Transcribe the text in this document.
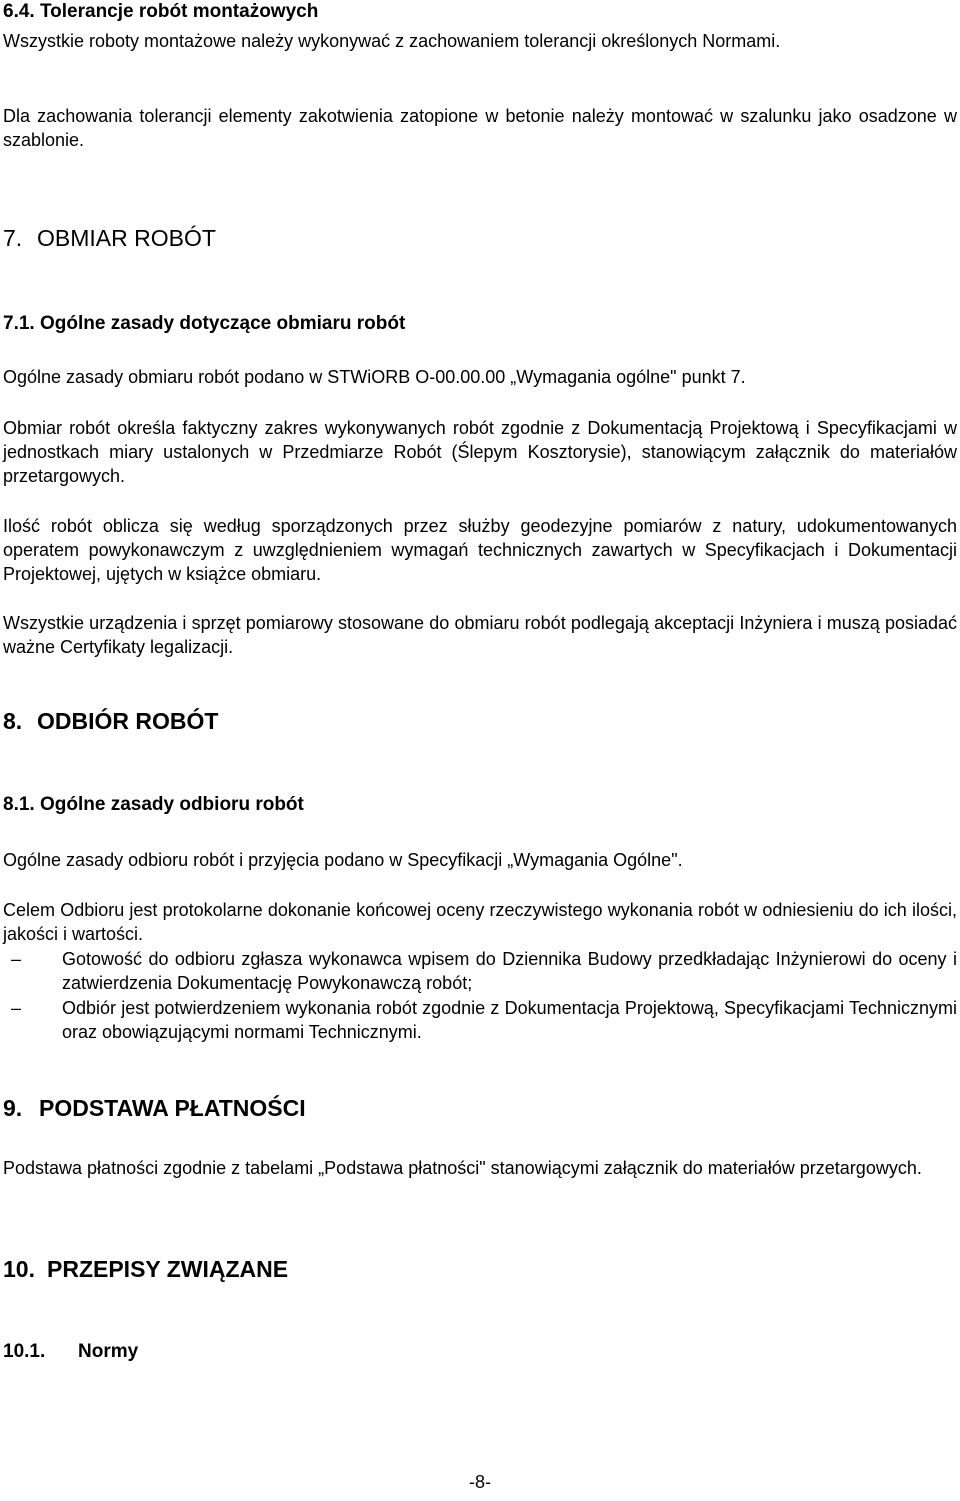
6.4. Tolerancje robót montażowych

Wszystkie roboty montażowe należy wykonywać z zachowaniem tolerancji określonych Normami.

Dla zachowania tolerancji elementy zakotwienia zatopione w betonie należy montować w szalunku jako osadzone w szablonie.

7. OBMIAR ROBÓT

7.1. Ogólne zasady dotyczące obmiaru robót

Ogólne zasady obmiaru robót podano w STWiORB O-00.00.00 „Wymagania ogólne" punkt 7.

Obmiar robót określa faktyczny zakres wykonywanych robót zgodnie z Dokumentacją Projektową i Specyfikacjami w jednostkach miary ustalonych w Przedmiarze Robót (Ślepym Kosztorysie), stanowiącym załącznik do materiałów przetargowych.

Ilość robót oblicza się według sporządzonych przez służby geodezyjne pomiarów z natury, udokumentowanych operatem powykonawczym z uwzględnieniem wymagań technicznych zawartych w Specyfikacjach i Dokumentacji Projektowej, ujętych w książce obmiaru.

Wszystkie urządzenia i sprzęt pomiarowy stosowane do obmiaru robót podlegają akceptacji Inżyniera i muszą posiadać ważne Certyfikaty legalizacji.

8. ODBIÓR ROBÓT

8.1. Ogólne zasady odbioru robót

Ogólne zasady odbioru robót i przyjęcia podano w Specyfikacji „Wymagania Ogólne".

Celem Odbioru jest protokolarne dokonanie końcowej oceny rzeczywistego wykonania robót w odniesieniu do ich ilości, jakości i wartości.

– Gotowość do odbioru zgłasza wykonawca wpisem do Dziennika Budowy przedkładając Inżynierowi do oceny i zatwierdzenia Dokumentację Powykonawczą robót;
– Odbiór jest potwierdzeniem wykonania robót zgodnie z Dokumentacja Projektową, Specyfikacjami Technicznymi oraz obowiązującymi normami Technicznymi.

9. PODSTAWA PŁATNOŚCI

Podstawa płatności zgodnie z tabelami „Podstawa płatności" stanowiącymi załącznik do materiałów przetargowych.

10. PRZEPISY ZWIĄZANE

10.1. Normy

-8-
